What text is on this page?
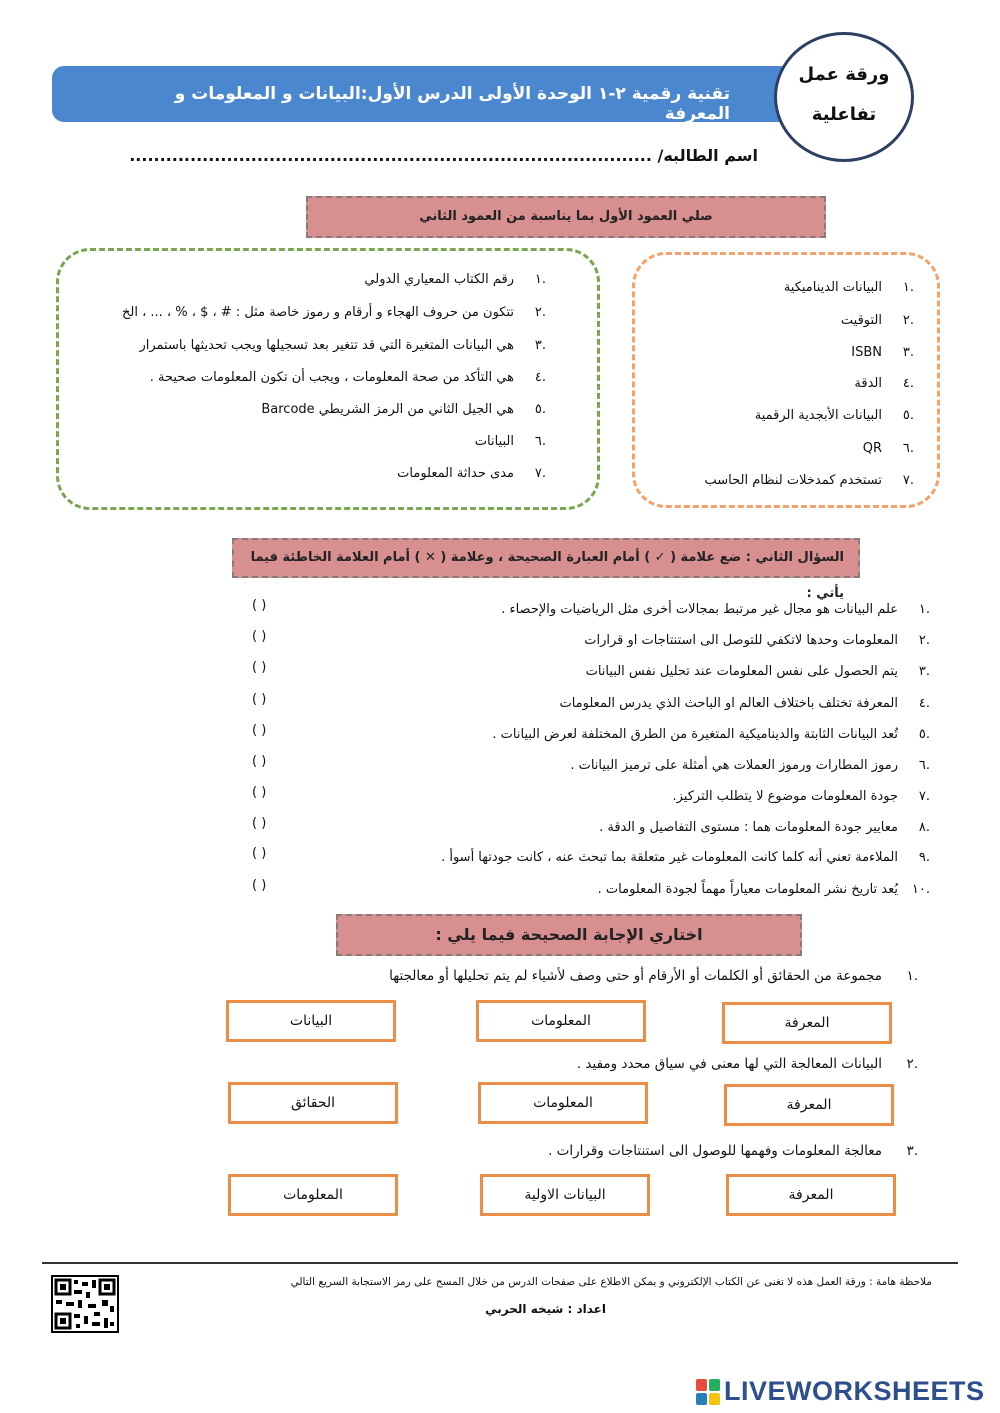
تقنية رقمية ٢-١ الوحدة الأولى الدرس الأول:البيانات و المعلومات و المعرفة
ورقة عمل
تفاعلية
اسم الطالبه/ ......................................................................................
صلي العمود الأول بما يناسبة من العمود الثاني
.١
البيانات الديناميكية
.٢
التوقيت
.٣
ISBN
.٤
الدقة
.٥
البيانات الأبجدية الرقمية
.٦
QR
.٧
تستخدم كمدخلات لنظام الحاسب
.١
رقم الكتاب المعياري الدولي
.٢
تتكون من حروف الهجاء و أرقام و رموز خاصة مثل : # ، $ ، % ، ... ، الخ
.٣
هي البيانات المتغيرة التي قد تتغير بعد تسجيلها ويجب تحديثها باستمرار
.٤
هي التأكد من صحة المعلومات ، ويجب أن تكون المعلومات صحيحة .
.٥
هي الجيل الثاني من الرمز الشريطي Barcode
.٦
البيانات
.٧
مدى حداثة المعلومات
السؤال الثاني : ضع علامة ( ✓ ) أمام العبارة الصحيحة ، وعلامة ( ✕ ) أمام العلامة الخاطئة فيما يأتي :
.١
علم البيانات هو مجال غير مرتبط بمجالات أخرى مثل الرياضيات والإحصاء .
.٢
المعلومات وحدها لاتكفي للتوصل الى استنتاجات او قرارات
.٣
يتم الحصول على نفس المعلومات عند تحليل نفس البيانات
.٤
المعرفة تختلف باختلاف العالم او الباحث الذي يدرس المعلومات
.٥
تُعد البيانات الثابتة والديناميكية المتغيرة من الطرق المختلفة لعرض البيانات .
.٦
رموز المطارات ورموز العملات هي أمثلة على ترميز البيانات .
.٧
جودة المعلومات موضوع لا يتطلب التركيز.
.٨
معايير جودة المعلومات هما : مستوى التفاصيل و الدقة .
.٩
الملاءمة تعني أنه كلما كانت المعلومات غير متعلقة بما تبحث عنه ، كانت جودتها أسوأ .
.١٠
يُعد تاريخ نشر المعلومات معياراً مهماً لجودة المعلومات .
( )
( )
( )
( )
( )
( )
( )
( )
( )
( )
اختاري الإجابة الصحيحة فيما يلي :
.١
مجموعة من الحقائق أو الكلمات أو الأرقام أو حتى وصف لأشياء لم يتم تحليلها أو معالجتها
المعرفة
المعلومات
البيانات
.٢
البيانات المعالجة التي لها معنى في سياق محدد ومفيد .
المعرفة
المعلومات
الحقائق
.٣
معالجة المعلومات وفهمها للوصول الى استنتاجات وقرارات .
المعرفة
البيانات الاولية
المعلومات
ملاحظة هامة : ورقة العمل هذه لا تغنى عن الكتاب الإلكتروني و يمكن الاطلاع على صفحات الدرس من خلال المسح على رمز الاستجابة السريع التالي
اعداد : شيخه الحربي
LIVEWORKSHEETS
